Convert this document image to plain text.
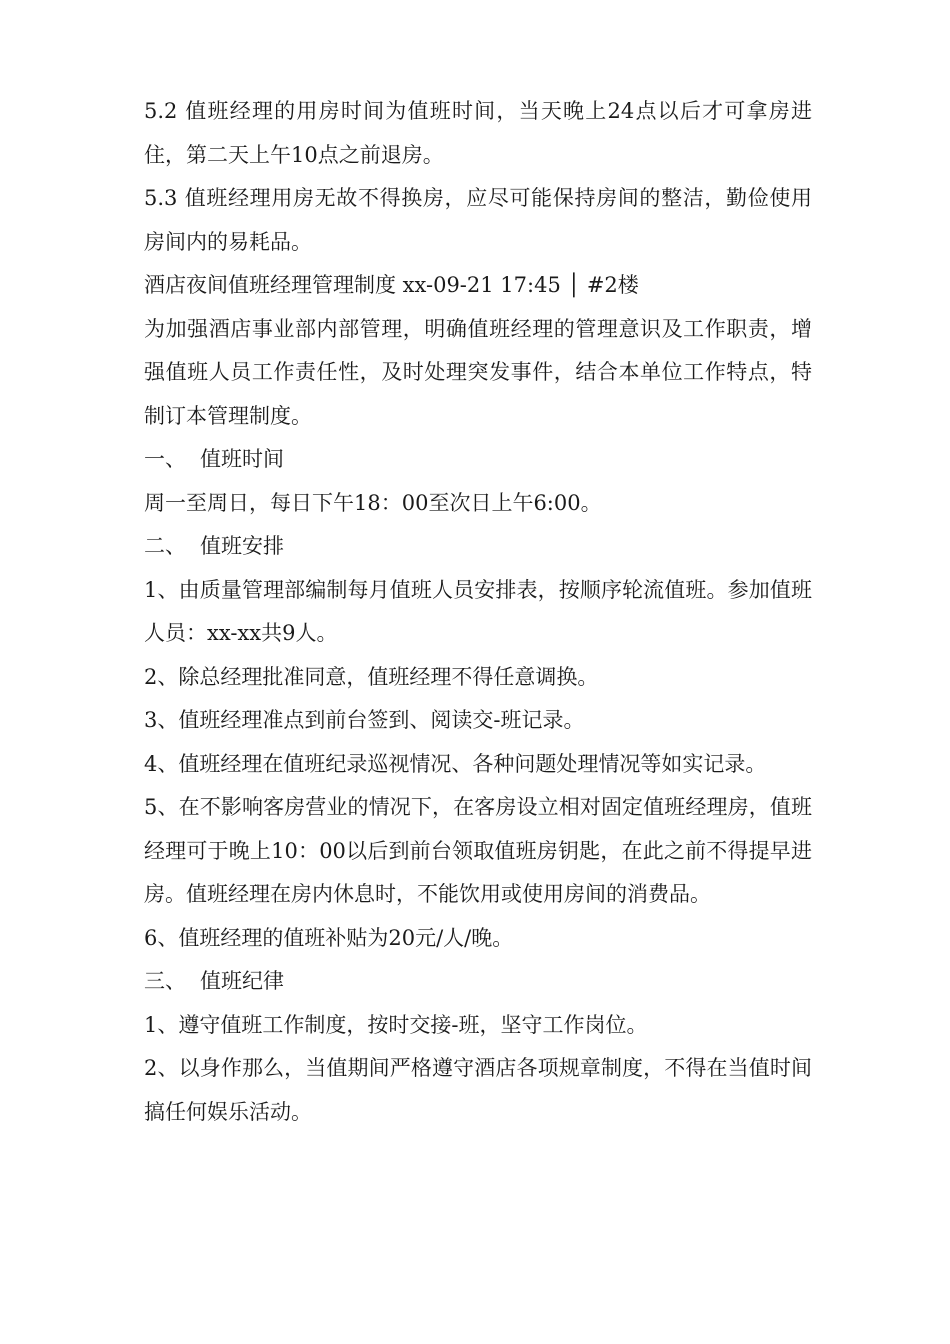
5.2 值班经理的用房时间为值班时间，当天晚上24点以后才可拿房进住，第二天上午10点之前退房。

5.3 值班经理用房无故不得换房，应尽可能保持房间的整洁，勤俭使用房间内的易耗品。

酒店夜间值班经理管理制度 xx-09-21 17:45 │ #2楼

为加强酒店事业部内部管理，明确值班经理的管理意识及工作职责，增强值班人员工作责任性，及时处理突发事件，结合本单位工作特点，特制订本管理制度。

一、 值班时间

周一至周日，每日下午18：00至次日上午6:00。

二、 值班安排

1、由质量管理部编制每月值班人员安排表，按顺序轮流值班。参加值班人员：xx-xx共9人。

2、除总经理批准同意，值班经理不得任意调换。

3、值班经理准点到前台签到、阅读交-班记录。

4、值班经理在值班纪录巡视情况、各种问题处理情况等如实记录。

5、在不影响客房营业的情况下，在客房设立相对固定值班经理房，值班经理可于晚上10：00以后到前台领取值班房钥匙，在此之前不得提早进房。值班经理在房内休息时，不能饮用或使用房间的消费品。

6、值班经理的值班补贴为20元/人/晚。

三、 值班纪律

1、遵守值班工作制度，按时交接-班，坚守工作岗位。

2、以身作那么，当值期间严格遵守酒店各项规章制度，不得在当值时间搞任何娱乐活动。
